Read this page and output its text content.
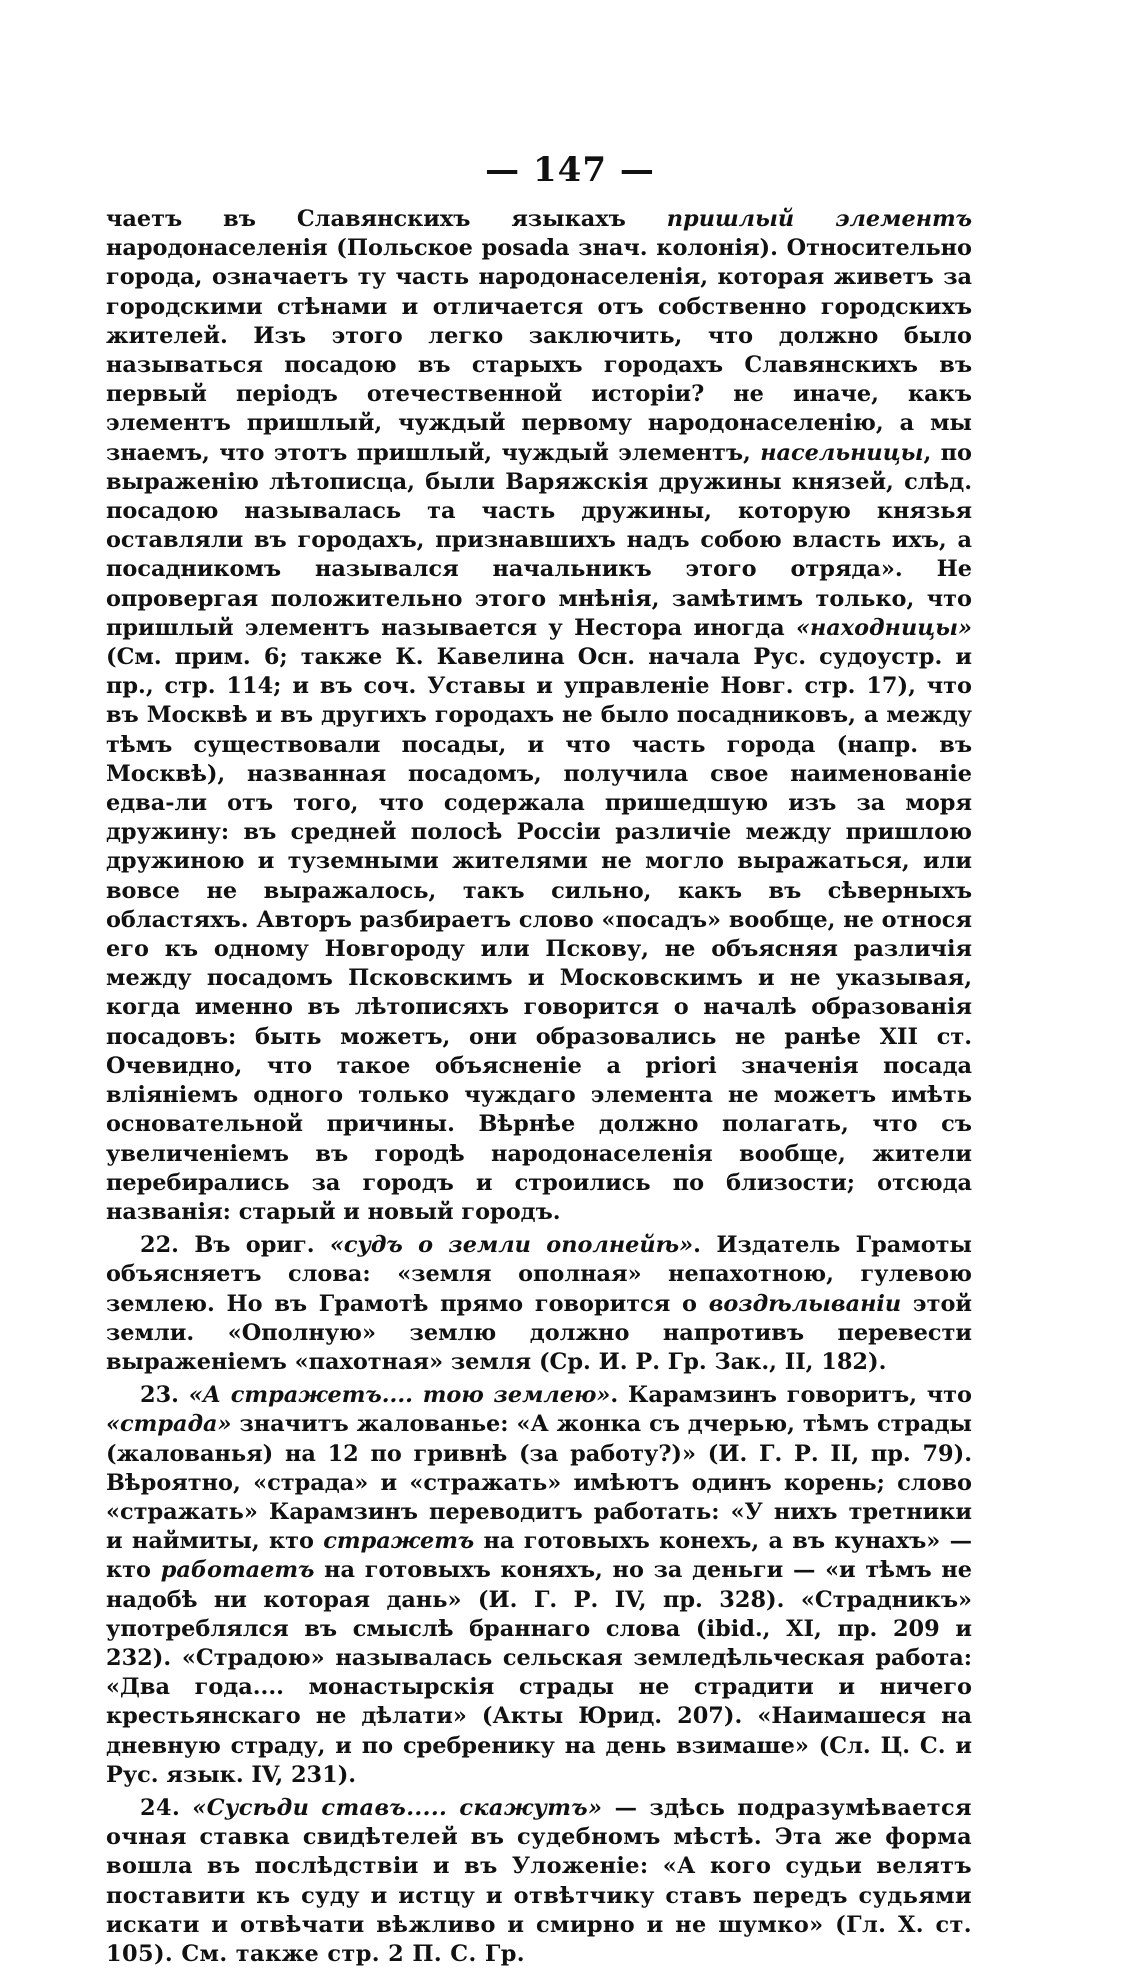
— 147 —

чаетъ въ Славянскихъ языкахъ пришлый элементъ народонаселенія (Польское posada знач. колонія). Относительно города, означаетъ ту часть народонаселенія, которая живетъ за городскими стѣнами и отличается отъ собственно городскихъ жителей. Изъ этого легко заключить, что должно было называться посадою въ старыхъ городахъ Славянскихъ въ первый періодъ отечественной исторіи? не иначе, какъ элементъ пришлый, чуждый первому народонаселенію, а мы знаемъ, что этотъ пришлый, чуждый элементъ, насельницы, по выраженію лѣтописца, были Варяжскія дружины князей, слѣд. посадою называлась та часть дружины, которую князья оставляли въ городахъ, признавшихъ надъ собою власть ихъ, а посадникомъ назывался начальникъ этого отряда». Не опровергая положительно этого мнѣнія, замѣтимъ только, что пришлый элементъ называется у Нестора иногда «находницы» (См. прим. 6; также К. Кавелина Осн. начала Рус. судоустр. и пр., стр. 114; и въ соч. Уставы и управленіе Новг. стр. 17), что въ Москвѣ и въ другихъ городахъ не было посадниковъ, а между тѣмъ существовали посады, и что часть города (напр. въ Москвѣ), названная посадомъ, получила свое наименованіе едва-ли отъ того, что содержала пришедшую изъ за моря дружину: въ средней полосѣ Россіи различіе между пришлою дружиною и туземными жителями не могло выражаться, или вовсе не выражалось, такъ сильно, какъ въ сѣверныхъ областяхъ. Авторъ разбираетъ слово «посадъ» вообще, не относя его къ одному Новгороду или Пскову, не объясняя различія между посадомъ Псковскимъ и Московскимъ и не указывая, когда именно въ лѣтописяхъ говорится о началѣ образованія посадовъ: быть можетъ, они образовались не ранѣе XII ст. Очевидно, что такое объясненіе a priori значенія посада вліяніемъ одного только чуждаго элемента не можетъ имѣть основательной причины. Вѣрнѣе должно полагать, что съ увеличеніемъ въ городѣ народонаселенія вообще, жители перебирались за городъ и строились по близости; отсюда названія: старый и новый городъ.

22. Въ ориг. «судъ о земли ополнейѣ». Издатель Грамоты объясняетъ слова: «земля ополная» непахотною, гулевою землею. Но въ Грамотѣ прямо говорится о воздѣлываніи этой земли. «Ополную» землю должно напротивъ перевести выраженіемъ «пахотная» земля (Ср. И. Р. Гр. Зак., II, 182).

23. «А стражетъ.... тою землею». Карамзинъ говоритъ, что «страда» значитъ жалованье: «А жонка съ дчерью, тѣмъ страды (жалованья) на 12 по гривнѣ (за работу?)» (И. Г. Р. II, пр. 79). Вѣроятно, «страда» и «стражать» имѣютъ одинъ корень; слово «стражать» Карамзинъ переводитъ работать: «У нихъ третники и наймиты, кто стражетъ на готовыхъ конехъ, а въ кунахъ» — кто работаетъ на готовыхъ коняхъ, но за деньги — «и тѣмъ не надобѣ ни которая дань» (И. Г. Р. IV, пр. 328). «Страдникъ» употреблялся въ смыслѣ браннаго слова (ibid., XI, пр. 209 и 232). «Страдою» называлась сельская земледѣльческая работа: «Два года.... монастырскія страды не страдити и ничего крестьянскаго не дѣлати» (Акты Юрид. 207). «Наимашеся на дневную страду, и по сребренику на день взимаше» (Сл. Ц. С. и Рус. язык. IV, 231).

24. «Сусѣди ставъ..... скажутъ» — здѣсь подразумѣвается очная ставка свидѣтелей въ судебномъ мѣстѣ. Эта же форма вошла въ послѣдствіи и въ Уложеніе: «А кого судьи велятъ поставити къ суду и истцу и отвѣтчику ставъ передъ судьями искати и отвѣчати вѣжливо и смирно и не шумко» (Гл. X. ст. 105). См. также стр. 2 П. С. Гр.
